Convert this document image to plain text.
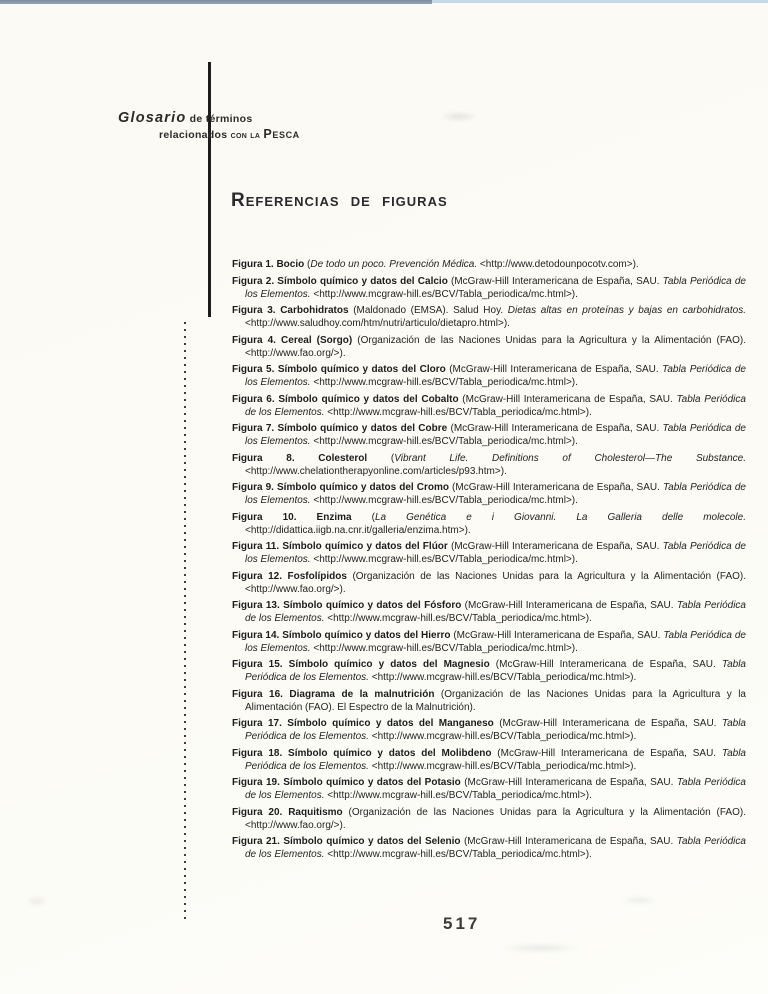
Glosario de términos
relacionados con la Pesca
Referencias de figuras

Figura 1. Bocio (De todo un poco. Prevención Médica. <http://www.detodounpocotv.com>).

Figura 2. Símbolo químico y datos del Calcio (McGraw-Hill Interamericana de España, SAU. Tabla Periódica de los Elementos. <http://www.mcgraw-hill.es/BCV/Tabla_periodica/mc.html>).

Figura 3. Carbohidratos (Maldonado (EMSA). Salud Hoy. Dietas altas en proteínas y bajas en carbohidratos. <http://www.saludhoy.com/htm/nutri/articulo/dietapro.html>).

Figura 4. Cereal (Sorgo) (Organización de las Naciones Unidas para la Agricultura y la Alimentación (FAO). <http://www.fao.org/>).

Figura 5. Símbolo químico y datos del Cloro (McGraw-Hill Interamericana de España, SAU. Tabla Periódica de los Elementos. <http://www.mcgraw-hill.es/BCV/Tabla_periodica/mc.html>).

Figura 6. Símbolo químico y datos del Cobalto (McGraw-Hill Interamericana de España, SAU. Tabla Periódica de los Elementos. <http://www.mcgraw-hill.es/BCV/Tabla_periodica/mc.html>).

Figura 7. Símbolo químico y datos del Cobre (McGraw-Hill Interamericana de España, SAU. Tabla Periódica de los Elementos. <http://www.mcgraw-hill.es/BCV/Tabla_periodica/mc.html>).

Figura 8. Colesterol (Vibrant Life. Definitions of Cholesterol—The Substance. <http://www.chelationtherapyonline.com/articles/p93.htm>).

Figura 9. Símbolo químico y datos del Cromo (McGraw-Hill Interamericana de España, SAU. Tabla Periódica de los Elementos. <http://www.mcgraw-hill.es/BCV/Tabla_periodica/mc.html>).

Figura 10. Enzima (La Genética e i Giovanni. La Galleria delle molecole. <http://didattica.iigb.na.cnr.it/galleria/enzima.htm>).

Figura 11. Símbolo químico y datos del Flúor (McGraw-Hill Interamericana de España, SAU. Tabla Periódica de los Elementos. <http://www.mcgraw-hill.es/BCV/Tabla_periodica/mc.html>).

Figura 12. Fosfolípidos (Organización de las Naciones Unidas para la Agricultura y la Alimentación (FAO). <http://www.fao.org/>).

Figura 13. Símbolo químico y datos del Fósforo (McGraw-Hill Interamericana de España, SAU. Tabla Periódica de los Elementos. <http://www.mcgraw-hill.es/BCV/Tabla_periodica/mc.html>).

Figura 14. Símbolo químico y datos del Hierro (McGraw-Hill Interamericana de España, SAU. Tabla Periódica de los Elementos. <http://www.mcgraw-hill.es/BCV/Tabla_periodica/mc.html>).

Figura 15. Símbolo químico y datos del Magnesio (McGraw-Hill Interamericana de España, SAU. Tabla Periódica de los Elementos. <http://www.mcgraw-hill.es/BCV/Tabla_periodica/mc.html>).

Figura 16. Diagrama de la malnutrición (Organización de las Naciones Unidas para la Agricultura y la Alimentación (FAO). El Espectro de la Malnutrición).

Figura 17. Símbolo químico y datos del Manganeso (McGraw-Hill Interamericana de España, SAU. Tabla Periódica de los Elementos. <http://www.mcgraw-hill.es/BCV/Tabla_periodica/mc.html>).

Figura 18. Símbolo químico y datos del Molibdeno (McGraw-Hill Interamericana de España, SAU. Tabla Periódica de los Elementos. <http://www.mcgraw-hill.es/BCV/Tabla_periodica/mc.html>).

Figura 19. Símbolo químico y datos del Potasio (McGraw-Hill Interamericana de España, SAU. Tabla Periódica de los Elementos. <http://www.mcgraw-hill.es/BCV/Tabla_periodica/mc.html>).

Figura 20. Raquitismo (Organización de las Naciones Unidas para la Agricultura y la Alimentación (FAO). <http://www.fao.org/>).

Figura 21. Símbolo químico y datos del Selenio (McGraw-Hill Interamericana de España, SAU. Tabla Periódica de los Elementos. <http://www.mcgraw-hill.es/BCV/Tabla_periodica/mc.html>).

517
